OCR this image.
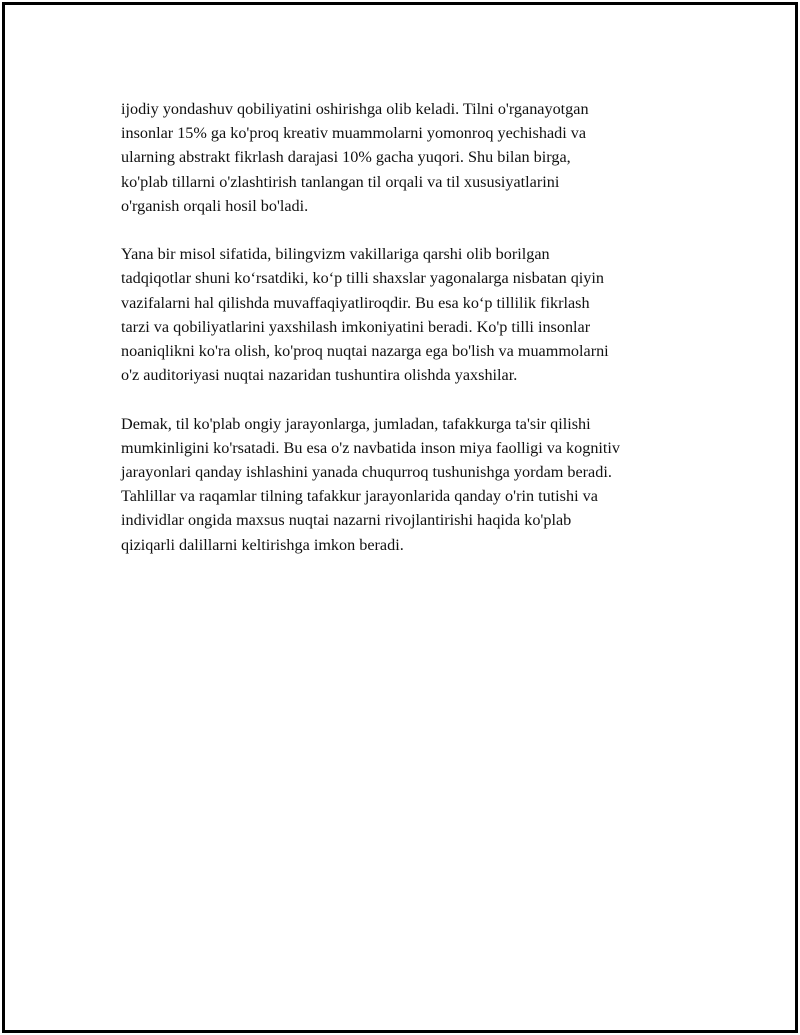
ijodiy yondashuv qobiliyatini oshirishga olib keladi. Tilni o'rganayotgan
insonlar 15% ga ko'proq kreativ muammolarni yomonroq yechishadi va
ularning abstrakt fikrlash darajasi 10% gacha yuqori. Shu bilan birga,
ko'plab tillarni o'zlashtirish tanlangan til orqali va til xususiyatlarini
o'rganish orqali hosil bo'ladi.

Yana bir misol sifatida, bilingvizm vakillariga qarshi olib borilgan
tadqiqotlar shuni koʻrsatdiki, koʻp tilli shaxslar yagonalarga nisbatan qiyin
vazifalarni hal qilishda muvaffaqiyatliroqdir. Bu esa koʻp tillilik fikrlash
tarzi va qobiliyatlarini yaxshilash imkoniyatini beradi. Ko'p tilli insonlar
noaniqlikni ko'ra olish, ko'proq nuqtai nazarga ega bo'lish va muammolarni
o'z auditoriyasi nuqtai nazaridan tushuntira olishda yaxshilar.

Demak, til ko'plab ongiy jarayonlarga, jumladan, tafakkurga ta'sir qilishi
mumkinligini ko'rsatadi. Bu esa o'z navbatida inson miya faolligi va kognitiv
jarayonlari qanday ishlashini yanada chuqurroq tushunishga yordam beradi.
Tahlillar va raqamlar tilning tafakkur jarayonlarida qanday o'rin tutishi va
individlar ongida maxsus nuqtai nazarni rivojlantirishi haqida ko'plab
qiziqarli dalillarni keltirishga imkon beradi.
